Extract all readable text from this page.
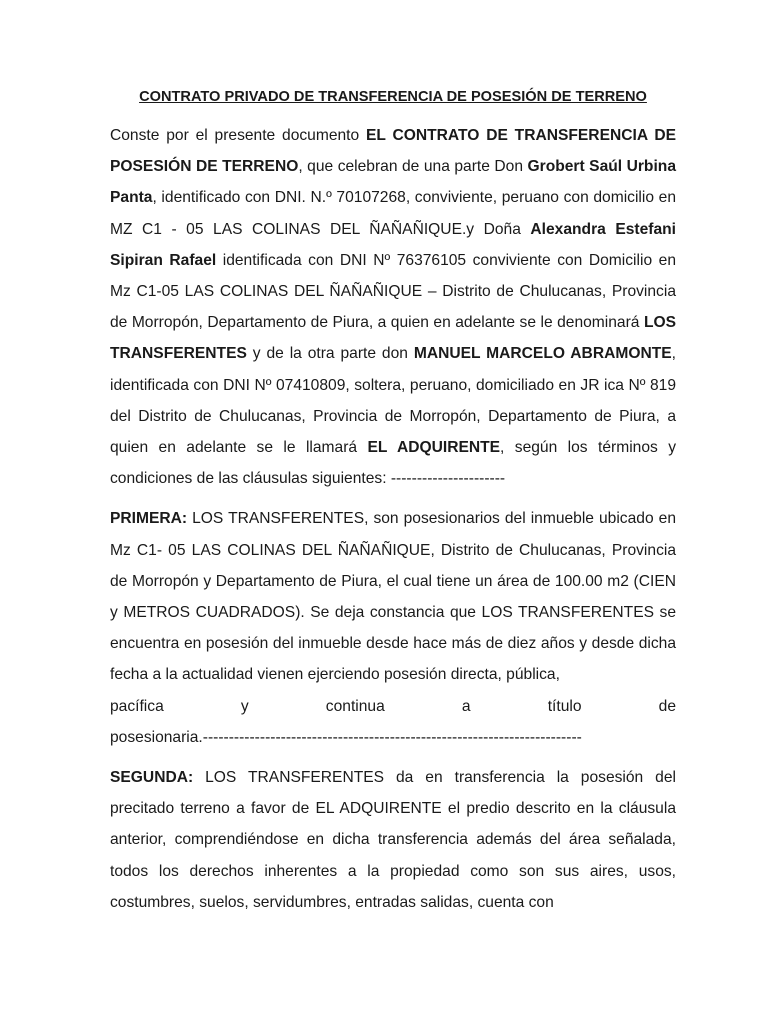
CONTRATO PRIVADO DE TRANSFERENCIA DE POSESIÓN DE TERRENO

Conste por el presente documento EL CONTRATO DE TRANSFERENCIA DE POSESIÓN DE TERRENO, que celebran de una parte Don Grobert Saúl Urbina Panta, identificado con DNI. N.º 70107268, conviviente, peruano con domicilio en MZ C1 - 05 LAS COLINAS DEL ÑAÑAÑIQUE.y Doña Alexandra Estefani Sipiran Rafael identificada con DNI Nº 76376105 conviviente con Domicilio en Mz C1-05 LAS COLINAS DEL ÑAÑAÑIQUE – Distrito de Chulucanas, Provincia de Morropón, Departamento de Piura, a quien en adelante se le denominará LOS TRANSFERENTES y de la otra parte don MANUEL MARCELO ABRAMONTE, identificada con DNI Nº 07410809, soltera, peruano, domiciliado en JR ica Nº 819 del Distrito de Chulucanas, Provincia de Morropón, Departamento de Piura, a quien en adelante se le llamará EL ADQUIRENTE, según los términos y condiciones de las cláusulas siguientes: ----------------------

PRIMERA: LOS TRANSFERENTES, son posesionarios del inmueble ubicado en Mz C1- 05 LAS COLINAS DEL ÑAÑAÑIQUE, Distrito de Chulucanas, Provincia de Morropón y Departamento de Piura, el cual tiene un área de 100.00 m2 (CIEN y METROS CUADRADOS). Se deja constancia que LOS TRANSFERENTES se encuentra en posesión del inmueble desde hace más de diez años y desde dicha fecha a la actualidad vienen ejerciendo posesión directa, pública,

pacífica	y	continua	a	título	de

posesionaria.-------------------------------------------------------------------------

SEGUNDA: LOS TRANSFERENTES da en transferencia la posesión del precitado terreno a favor de EL ADQUIRENTE el predio descrito en la cláusula anterior, comprendiéndose en dicha transferencia además del área señalada, todos los derechos inherentes a la propiedad como son sus aires, usos, costumbres, suelos, servidumbres, entradas salidas, cuenta con
